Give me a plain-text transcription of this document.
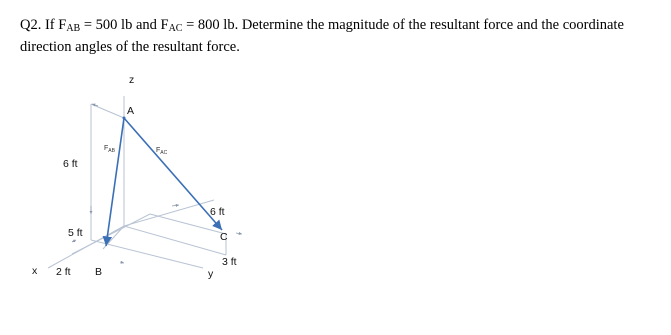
Q2. If $F_{AB} = 500$ lb and $F_{AC} = 800$ lb. Determine the magnitude of the resultant force and the coordinate
direction angles of the resultant force.
z
A
$F_{AB}$	$F_{AC}$
6 ft
6 ft
C
5 ft
3 ft
y
x 2 ft B
